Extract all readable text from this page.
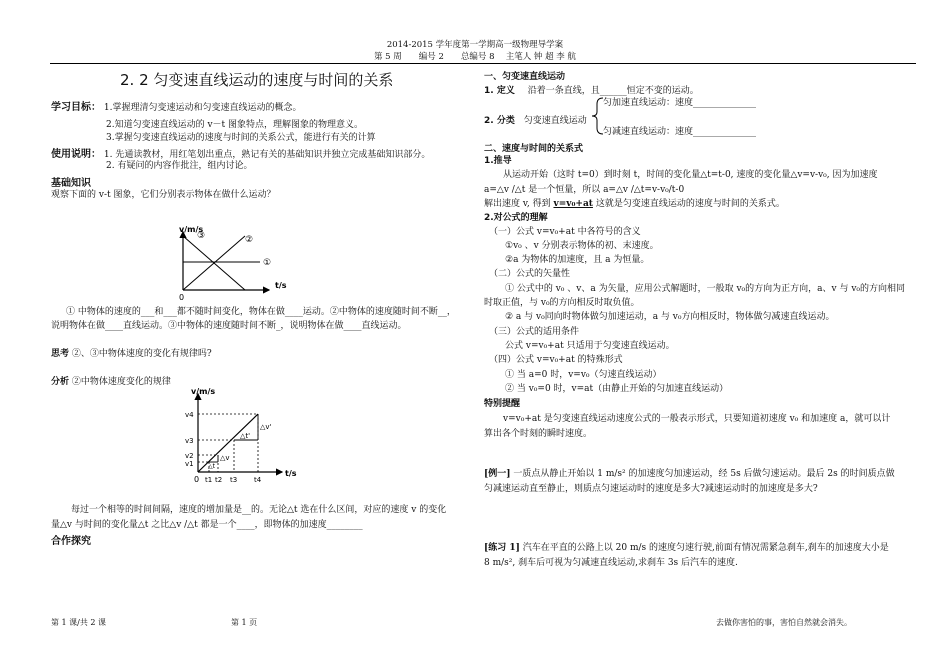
2014-2015 学年度第一学期高一级物理导学案
第 5 周　　编号 2　　总编号 8　 主笔人 钟 超 李 航
2. 2 匀变速直线运动的速度与时间的关系
学习目标： 1.掌握理清匀变速运动和匀变速直线运动的概念。
2.知道匀变速直线运动的 v－t 图象特点，理解图象的物理意义。
3.掌握匀变速直线运动的速度与时间的关系公式，能进行有关的计算
使用说明： 1. 先通读教材，用红笔划出重点，熟记有关的基础知识并独立完成基础知识部分。
2. 有疑问的内容作批注，组内讨论。
基础知识
观察下面的 v-t 图象，它们分别表示物体在做什么运动？
v/m/s
t/s
0
③	②
①
① 中物体的速度的___和___都不随时间变化，物体在做____运动。②中物体的速度随时间不断__，
说明物体在做____直线运动。③中物体的速度随时间不断_，说明物体在做____直线运动。
思考 ②、③中物体速度的变化有规律吗?
分析 ②中物体速度变化的规律
v/m/s
t/s
0
v4
v3
v2
v1
t1 t2 t3 t4
△v'
△t'
△v
△t
每过一个相等的时间间隔，速度的增加量是__的。无论△t 选在什么区间，对应的速度 v 的变化
量△v 与时间的变化量△t 之比△v /△t 都是一个____，即物体的加速度________
合作探究
一、匀变速直线运动
1. 定义 沿着一条直线，且______恒定不变的运动。
2. 分类 匀变速直线运动
匀加速直线运动：速度______________
匀减速直线运动：速度______________
二、速度与时间的关系式
1.推导
从运动开始（这时 t=0）到时刻 t，时间的变化量△t=t-0, 速度的变化量△v=v-v₀, 因为加速度
a=△v /△t 是一个恒量，所以 a=△v /△t=v-v₀/t-0
解出速度 v, 得到 v=v₀+at 这就是匀变速直线运动的速度与时间的关系式。
2.对公式的理解
（一）公式 v=v₀+at 中各符号的含义
①v₀ 、v 分别表示物体的初、末速度。
②a 为物体的加速度，且 a 为恒量。
（二）公式的矢量性
① 公式中的 v₀ 、v、a 为矢量，应用公式解题时，一般取 v₀的方向为正方向，a、v 与 v₀的方向相同
时取正值，与 v₀的方向相反时取负值。
② a 与 v₀同向时物体做匀加速运动，a 与 v₀方向相反时，物体做匀减速直线运动。
（三）公式的适用条件
公式 v=v₀+at 只适用于匀变速直线运动。
（四）公式 v=v₀+at 的特殊形式
① 当 a=0 时，v=v₀（匀速直线运动）
② 当 v₀=0 时，v=at（由静止开始的匀加速直线运动）
特别提醒
v=v₀+at 是匀变速直线运动速度公式的一般表示形式，只要知道初速度 v₀ 和加速度 a，就可以计
算出各个时刻的瞬时速度。
[例一] 一质点从静止开始以 1 m/s² 的加速度匀加速运动，经 5s 后做匀速运动。最后 2s 的时间质点做
匀减速运动直至静止，则质点匀速运动时的速度是多大?减速运动时的加速度是多大?
[练习 1] 汽车在平直的公路上以 20 m/s 的速度匀速行驶,前面有情况需紧急刹车,刹车的加速度大小是
8 m/s², 刹车后可视为匀减速直线运动,求刹车 3s 后汽车的速度.
第 1 课/共 2 课	第 1 页	去做你害怕的事，害怕自然就会消失。
